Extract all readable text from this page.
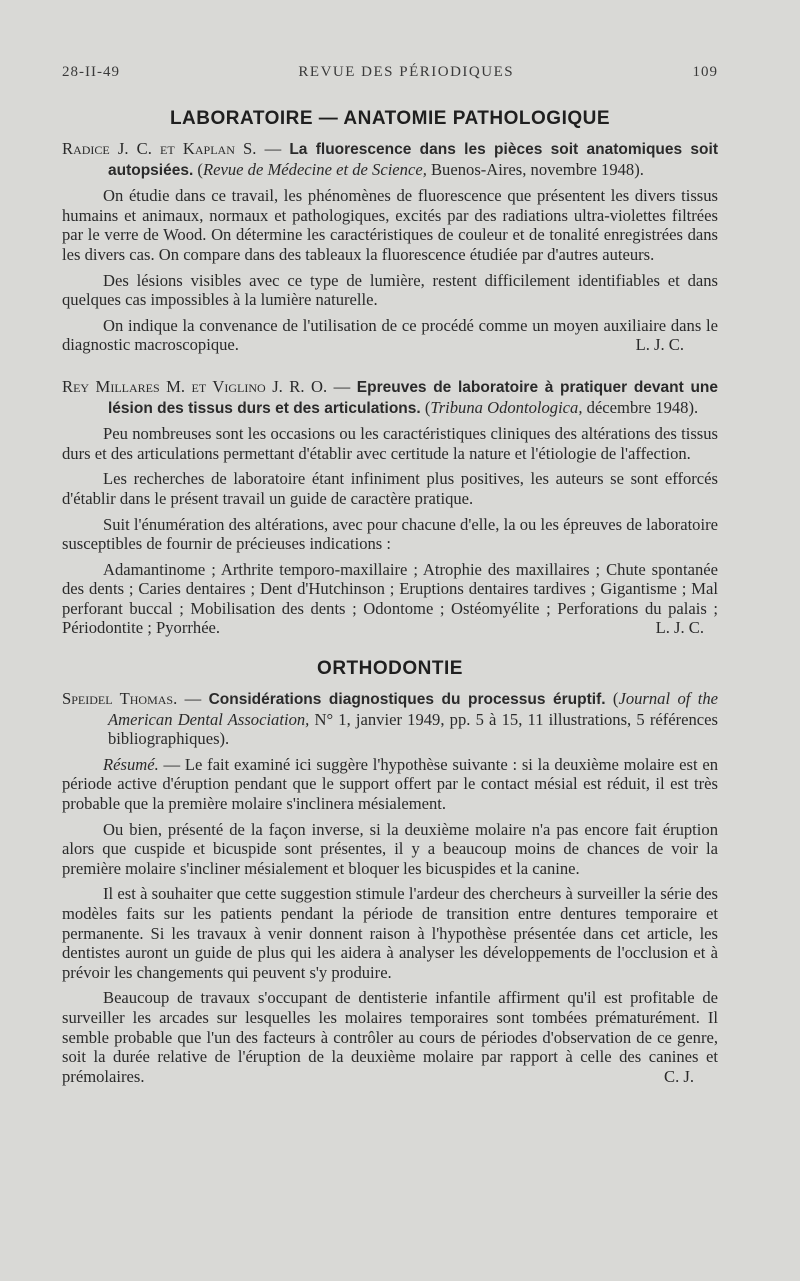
28-II-49	REVUE DES PÉRIODIQUES	109
LABORATOIRE — ANATOMIE PATHOLOGIQUE

Radice J. C. et Kaplan S. — La fluorescence dans les pièces soit anatomiques soit autopsiées. (Revue de Médecine et de Science, Buenos-Aires, novembre 1948).

On étudie dans ce travail, les phénomènes de fluorescence que présentent les divers tissus humains et animaux, normaux et pathologiques, excités par des radiations ultra-violettes filtrées par le verre de Wood. On détermine les caractéristiques de couleur et de tonalité enregistrées dans les divers cas. On compare dans des tableaux la fluorescence étudiée par d'autres auteurs.

Des lésions visibles avec ce type de lumière, restent difficilement identifiables et dans quelques cas impossibles à la lumière naturelle.

On indique la convenance de l'utilisation de ce procédé comme un moyen auxiliaire dans le diagnostic macroscopique.	L. J. C.

Rey Millares M. et Viglino J. R. O. — Epreuves de laboratoire à pratiquer devant une lésion des tissus durs et des articulations. (Tribuna Odontologica, décembre 1948).

Peu nombreuses sont les occasions ou les caractéristiques cliniques des altérations des tissus durs et des articulations permettant d'établir avec certitude la nature et l'étiologie de l'affection.

Les recherches de laboratoire étant infiniment plus positives, les auteurs se sont efforcés d'établir dans le présent travail un guide de caractère pratique.

Suit l'énumération des altérations, avec pour chacune d'elle, la ou les épreuves de laboratoire susceptibles de fournir de précieuses indications :

Adamantinome ; Arthrite temporo-maxillaire ; Atrophie des maxillaires ; Chute spontanée des dents ; Caries dentaires ; Dent d'Hutchinson ; Eruptions dentaires tardives ; Gigantisme ; Mal perforant buccal ; Mobilisation des dents ; Odontome ; Ostéomyélite ; Perforations du palais ; Périodontite ; Pyorrhée.	L. J. C.

ORTHODONTIE

Speidel Thomas. — Considérations diagnostiques du processus éruptif. (Journal of the American Dental Association, N° 1, janvier 1949, pp. 5 à 15, 11 illustrations, 5 références bibliographiques).

Résumé. — Le fait examiné ici suggère l'hypothèse suivante : si la deuxième molaire est en période active d'éruption pendant que le support offert par le contact mésial est réduit, il est très probable que la première molaire s'inclinera mésialement.

Ou bien, présenté de la façon inverse, si la deuxième molaire n'a pas encore fait éruption alors que cuspide et bicuspide sont présentes, il y a beaucoup moins de chances de voir la première molaire s'incliner mésialement et bloquer les bicuspides et la canine.

Il est à souhaiter que cette suggestion stimule l'ardeur des chercheurs à surveiller la série des modèles faits sur les patients pendant la période de transition entre dentures temporaire et permanente. Si les travaux à venir donnent raison à l'hypothèse présentée dans cet article, les dentistes auront un guide de plus qui les aidera à analyser les développements de l'occlusion et à prévoir les changements qui peuvent s'y produire.

Beaucoup de travaux s'occupant de dentisterie infantile affirment qu'il est profitable de surveiller les arcades sur lesquelles les molaires temporaires sont tombées prématurément. Il semble probable que l'un des facteurs à contrôler au cours de périodes d'observation de ce genre, soit la durée relative de l'éruption de la deuxième molaire par rapport à celle des canines et prémolaires.	C. J.
